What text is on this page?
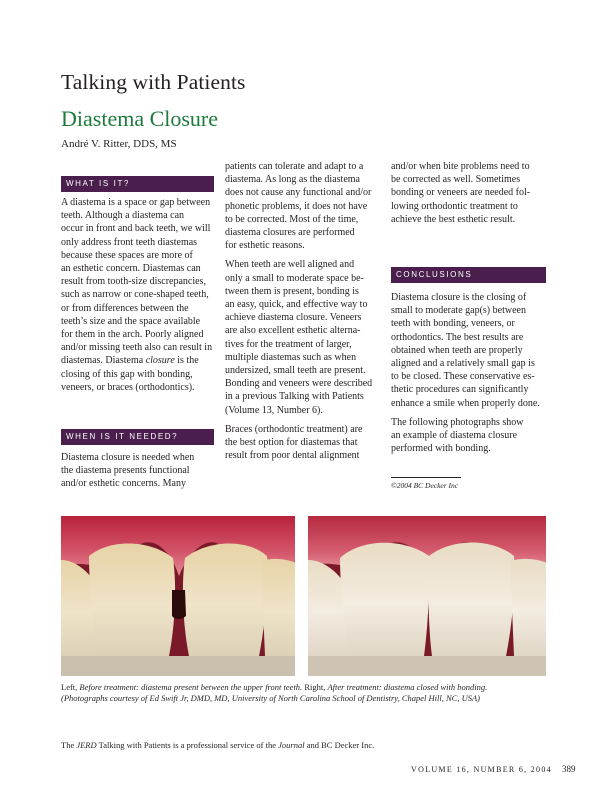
Talking with Patients
Diastema Closure
André V. Ritter, DDS, MS
WHAT IS IT?

A diastema is a space or gap between
teeth. Although a diastema can
occur in front and back teeth, we will
only address front teeth diastemas
because these spaces are more of
an esthetic concern. Diastemas can
result from tooth-size discrepancies,
such as narrow or cone-shaped teeth,
or from differences between the
teeth’s size and the space available
for them in the arch. Poorly aligned
and/or missing teeth also can result in
diastemas. Diastema closure is the
closing of this gap with bonding,
veneers, or braces (orthodontics).

WHEN IS IT NEEDED?

Diastema closure is needed when
the diastema presents functional
and/or esthetic concerns. Many

patients can tolerate and adapt to a
diastema. As long as the diastema
does not cause any functional and/or
phonetic problems, it does not have
to be corrected. Most of the time,
diastema closures are performed
for esthetic reasons.

When teeth are well aligned and
only a small to moderate space be-
tween them is present, bonding is
an easy, quick, and effective way to
achieve diastema closure. Veneers
are also excellent esthetic alterna-
tives for the treatment of larger,
multiple diastemas such as when
undersized, small teeth are present.
Bonding and veneers were described
in a previous Talking with Patients
(Volume 13, Number 6).

Braces (orthodontic treatment) are
the best option for diastemas that
result from poor dental alignment

and/or when bite problems need to
be corrected as well. Sometimes
bonding or veneers are needed fol-
lowing orthodontic treatment to
achieve the best esthetic result.

CONCLUSIONS

Diastema closure is the closing of
small to moderate gap(s) between
teeth with bonding, veneers, or
orthodontics. The best results are
obtained when teeth are properly
aligned and a relatively small gap is
to be closed. These conservative es-
thetic procedures can significantly
enhance a smile when properly done.

The following photographs show
an example of diastema closure
performed with bonding.

©2004 BC Decker Inc
Left, Before treatment: diastema present between the upper front teeth. Right, After treatment: diastema closed with bonding.
(Photographs courtesy of Ed Swift Jr, DMD, MD, University of North Carolina School of Dentistry, Chapel Hill, NC, USA)
The JERD Talking with Patients is a professional service of the Journal and BC Decker Inc.
VOLUME 16, NUMBER 6, 2004 389
